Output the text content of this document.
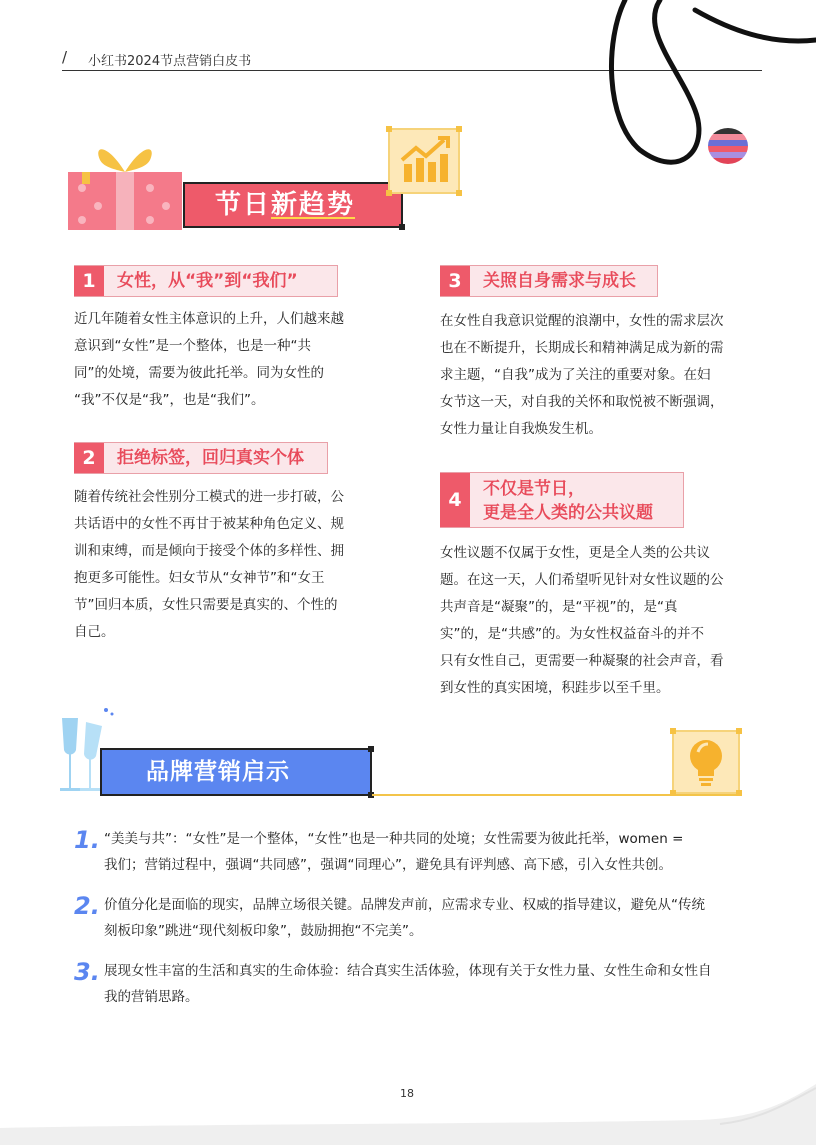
/ 小红书2024节点营销白皮书
节日新趋势
1	女性，从“我”到“我们”
近几年随着女性主体意识的上升，人们越来越
意识到“女性”是一个整体，也是一种“共
同”的处境，需要为彼此托举。同为女性的
“我”不仅是“我”，也是“我们”。
2	拒绝标签，回归真实个体
随着传统社会性别分工模式的进一步打破，公
共话语中的女性不再甘于被某种角色定义、规
训和束缚，而是倾向于接受个体的多样性、拥
抱更多可能性。妇女节从“女神节”和“女王
节”回归本质，女性只需要是真实的、个性的
自己。
3	关照自身需求与成长
在女性自我意识觉醒的浪潮中，女性的需求层次
也在不断提升，长期成长和精神满足成为新的需
求主题，“自我”成为了关注的重要对象。在妇
女节这一天，对自我的关怀和取悦被不断强调，
女性力量让自我焕发生机。
4	不仅是节日，
更是全人类的公共议题
女性议题不仅属于女性，更是全人类的公共议
题。在这一天，人们希望听见针对女性议题的公
共声音是“凝聚”的，是“平视”的，是“真
实”的，是“共感”的。为女性权益奋斗的并不
只有女性自己，更需要一种凝聚的社会声音，看
到女性的真实困境，积跬步以至千里。
品牌营销启示
1. “美美与共”：“女性”是一个整体，“女性”也是一种共同的处境；女性需要为彼此托举，women =
我们；营销过程中，强调“共同感”，强调“同理心”，避免具有评判感、高下感，引入女性共创。
2. 价值分化是面临的现实，品牌立场很关键。品牌发声前，应需求专业、权威的指导建议，避免从“传统
刻板印象”跳进“现代刻板印象”，鼓励拥抱“不完美”。
3. 展现女性丰富的生活和真实的生命体验：结合真实生活体验，体现有关于女性力量、女性生命和女性自
我的营销思路。
18
